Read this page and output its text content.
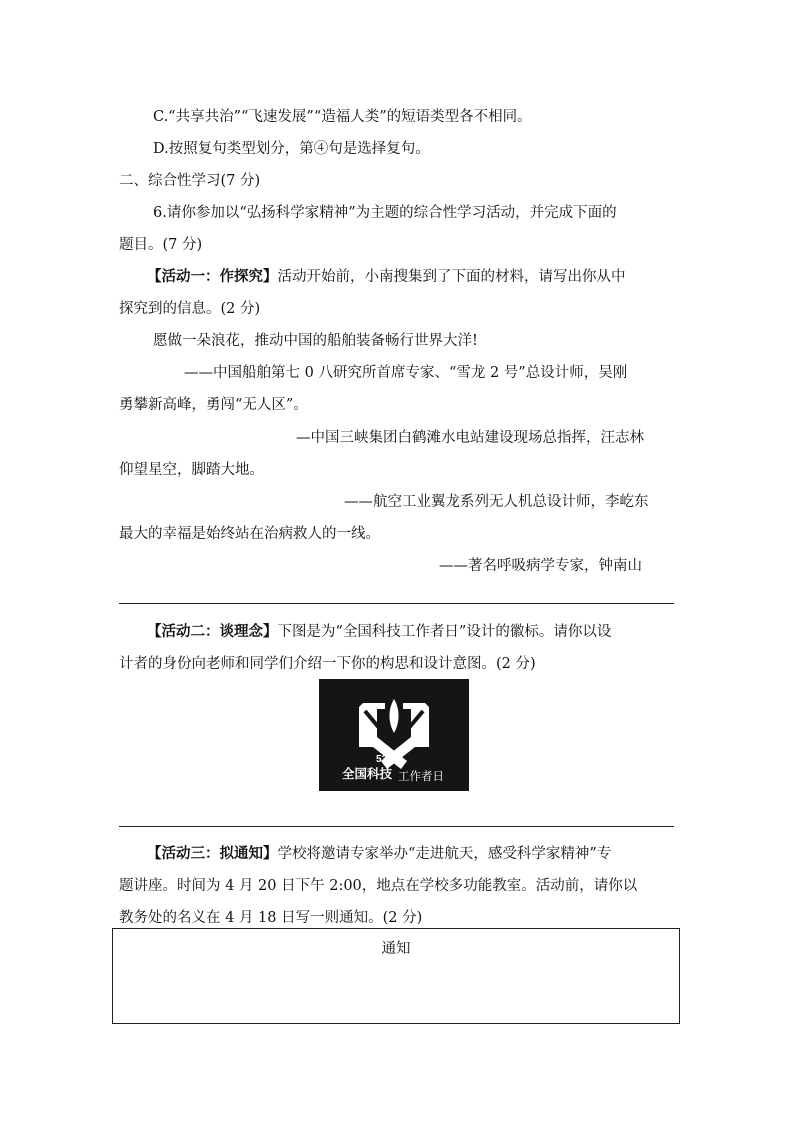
C.“共享共治”“飞速发展”“造福人类”的短语类型各不相同。
D.按照复句类型划分，第④句是选择复句。
二、综合性学习(7 分)
6.请你参加以“弘扬科学家精神”为主题的综合性学习活动，并完成下面的
题目。(7 分)
【活动一：作探究】活动开始前，小南搜集到了下面的材料，请写出你从中
探究到的信息。(2 分)
愿做一朵浪花，推动中国的船舶装备畅行世界大洋!
——中国船舶第七 0 八研究所首席专家、“雪龙 2 号”总设计师，吴刚
勇攀新高峰，勇闯“无人区”。
—中国三峡集团白鹤滩水电站建设现场总指挥，汪志林
仰望星空，脚踏大地。
——航空工业翼龙系列无人机总设计师，李屹东
最大的幸福是始终站在治病救人的一线。
——著名呼吸病学专家，钟南山
【活动二：谈理念】下图是为“全国科技工作者日”设计的徽标。请你以设
计者的身份向老师和同学们介绍一下你的构思和设计意图。(2 分)
530
全国科技 工作者日
【活动三：拟通知】学校将邀请专家举办“走进航天，感受科学家精神”专
题讲座。时间为 4 月 20 日下午 2:00，地点在学校多功能教室。活动前，请你以
教务处的名义在 4 月 18 日写一则通知。(2 分)
通知
